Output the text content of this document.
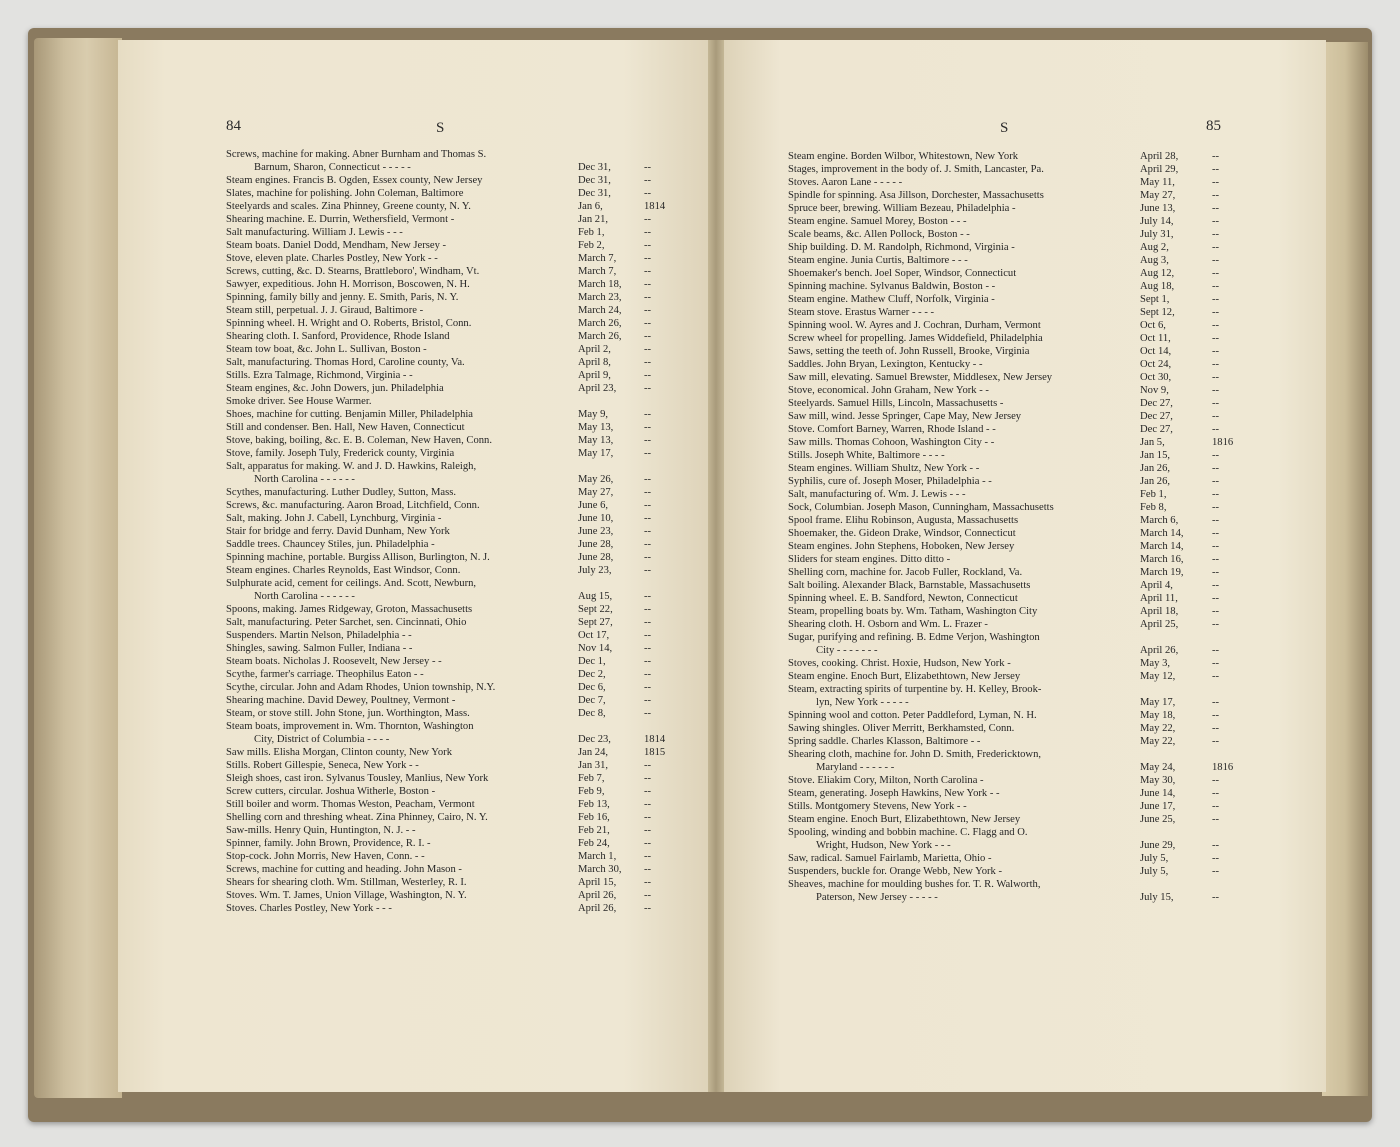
84	S
Screws, machine for making. Abner Burnham and Thomas S.
Barnum, Sharon, Connecticut - - - - -	Dec 31,	--
Steam engines. Francis B. Ogden, Essex county, New Jersey	Dec 31,	--
Slates, machine for polishing. John Coleman, Baltimore	Dec 31,	--
Steelyards and scales. Zina Phinney, Greene county, N. Y.	Jan 6,	1814
Shearing machine. E. Durrin, Wethersfield, Vermont -	Jan 21,	--
Salt manufacturing. William J. Lewis - - -	Feb 1,	--
Steam boats. Daniel Dodd, Mendham, New Jersey -	Feb 2,	--
Stove, eleven plate. Charles Postley, New York - -	March 7,	--
Screws, cutting, &c. D. Stearns, Brattleboro', Windham, Vt.	March 7,	--
Sawyer, expeditious. John H. Morrison, Boscowen, N. H.	March 18,	--
Spinning, family billy and jenny. E. Smith, Paris, N. Y.	March 23,	--
Steam still, perpetual. J. J. Giraud, Baltimore -	March 24,	--
Spinning wheel. H. Wright and O. Roberts, Bristol, Conn.	March 26,	--
Shearing cloth. I. Sanford, Providence, Rhode Island	March 26,	--
Steam tow boat, &c. John L. Sullivan, Boston -	April 2,	--
Salt, manufacturing. Thomas Hord, Caroline county, Va.	April 8,	--
Stills. Ezra Talmage, Richmond, Virginia - -	April 9,	--
Steam engines, &c. John Dowers, jun. Philadelphia	April 23,	--
Smoke driver. See House Warmer.
Shoes, machine for cutting. Benjamin Miller, Philadelphia	May 9,	--
Still and condenser. Ben. Hall, New Haven, Connecticut	May 13,	--
Stove, baking, boiling, &c. E. B. Coleman, New Haven, Conn.	May 13,	--
Stove, family. Joseph Tuly, Frederick county, Virginia	May 17,	--
Salt, apparatus for making. W. and J. D. Hawkins, Raleigh,
North Carolina - - - - - -	May 26,	--
Scythes, manufacturing. Luther Dudley, Sutton, Mass.	May 27,	--
Screws, &c. manufacturing. Aaron Broad, Litchfield, Conn.	June 6,	--
Salt, making. John J. Cabell, Lynchburg, Virginia -	June 10,	--
Stair for bridge and ferry. David Dunham, New York	June 23,	--
Saddle trees. Chauncey Stiles, jun. Philadelphia -	June 28,	--
Spinning machine, portable. Burgiss Allison, Burlington, N. J.	June 28,	--
Steam engines. Charles Reynolds, East Windsor, Conn.	July 23,	--
Sulphurate acid, cement for ceilings. And. Scott, Newburn,
North Carolina - - - - - -	Aug 15,	--
Spoons, making. James Ridgeway, Groton, Massachusetts	Sept 22,	--
Salt, manufacturing. Peter Sarchet, sen. Cincinnati, Ohio	Sept 27,	--
Suspenders. Martin Nelson, Philadelphia - -	Oct 17,	--
Shingles, sawing. Salmon Fuller, Indiana - -	Nov 14,	--
Steam boats. Nicholas J. Roosevelt, New Jersey - -	Dec 1,	--
Scythe, farmer's carriage. Theophilus Eaton - -	Dec 2,	--
Scythe, circular. John and Adam Rhodes, Union township, N.Y.	Dec 6,	--
Shearing machine. David Dewey, Poultney, Vermont -	Dec 7,	--
Steam, or stove still. John Stone, jun. Worthington, Mass.	Dec 8,	--
Steam boats, improvement in. Wm. Thornton, Washington
City, District of Columbia - - - -	Dec 23,	1814
Saw mills. Elisha Morgan, Clinton county, New York	Jan 24,	1815
Stills. Robert Gillespie, Seneca, New York - -	Jan 31,	--
Sleigh shoes, cast iron. Sylvanus Tousley, Manlius, New York	Feb 7,	--
Screw cutters, circular. Joshua Witherle, Boston -	Feb 9,	--
Still boiler and worm. Thomas Weston, Peacham, Vermont	Feb 13,	--
Shelling corn and threshing wheat. Zina Phinney, Cairo, N. Y.	Feb 16,	--
Saw-mills. Henry Quin, Huntington, N. J. - -	Feb 21,	--
Spinner, family. John Brown, Providence, R. I. -	Feb 24,	--
Stop-cock. John Morris, New Haven, Conn. - -	March 1,	--
Screws, machine for cutting and heading. John Mason -	March 30,	--
Shears for shearing cloth. Wm. Stillman, Westerley, R. I.	April 15,	--
Stoves. Wm. T. James, Union Village, Washington, N. Y.	April 26,	--
Stoves. Charles Postley, New York - - -	April 26,	--
S	85
Steam engine. Borden Wilbor, Whitestown, New York	April 28,	--
Stages, improvement in the body of. J. Smith, Lancaster, Pa.	April 29,	--
Stoves. Aaron Lane - - - - -	May 11,	--
Spindle for spinning. Asa Jillson, Dorchester, Massachusetts	May 27,	--
Spruce beer, brewing. William Bezeau, Philadelphia -	June 13,	--
Steam engine. Samuel Morey, Boston - - -	July 14,	--
Scale beams, &c. Allen Pollock, Boston - -	July 31,	--
Ship building. D. M. Randolph, Richmond, Virginia -	Aug 2,	--
Steam engine. Junia Curtis, Baltimore - - -	Aug 3,	--
Shoemaker's bench. Joel Soper, Windsor, Connecticut	Aug 12,	--
Spinning machine. Sylvanus Baldwin, Boston - -	Aug 18,	--
Steam engine. Mathew Cluff, Norfolk, Virginia -	Sept 1,	--
Steam stove. Erastus Warner - - - -	Sept 12,	--
Spinning wool. W. Ayres and J. Cochran, Durham, Vermont	Oct 6,	--
Screw wheel for propelling. James Widdefield, Philadelphia	Oct 11,	--
Saws, setting the teeth of. John Russell, Brooke, Virginia	Oct 14,	--
Saddles. John Bryan, Lexington, Kentucky - -	Oct 24,	--
Saw mill, elevating. Samuel Brewster, Middlesex, New Jersey	Oct 30,	--
Stove, economical. John Graham, New York - -	Nov 9,	--
Steelyards. Samuel Hills, Lincoln, Massachusetts -	Dec 27,	--
Saw mill, wind. Jesse Springer, Cape May, New Jersey	Dec 27,	--
Stove. Comfort Barney, Warren, Rhode Island - -	Dec 27,	--
Saw mills. Thomas Cohoon, Washington City - -	Jan 5,	1816
Stills. Joseph White, Baltimore - - - -	Jan 15,	--
Steam engines. William Shultz, New York - -	Jan 26,	--
Syphilis, cure of. Joseph Moser, Philadelphia - -	Jan 26,	--
Salt, manufacturing of. Wm. J. Lewis - - -	Feb 1,	--
Sock, Columbian. Joseph Mason, Cunningham, Massachusetts	Feb 8,	--
Spool frame. Elihu Robinson, Augusta, Massachusetts	March 6,	--
Shoemaker, the. Gideon Drake, Windsor, Connecticut	March 14,	--
Steam engines. John Stephens, Hoboken, New Jersey	March 14,	--
Sliders for steam engines. Ditto ditto -	March 16,	--
Shelling corn, machine for. Jacob Fuller, Rockland, Va.	March 19,	--
Salt boiling. Alexander Black, Barnstable, Massachusetts	April 4,	--
Spinning wheel. E. B. Sandford, Newton, Connecticut	April 11,	--
Steam, propelling boats by. Wm. Tatham, Washington City	April 18,	--
Shearing cloth. H. Osborn and Wm. L. Frazer -	April 25,	--
Sugar, purifying and refining. B. Edme Verjon, Washington
City - - - - - - -	April 26,	--
Stoves, cooking. Christ. Hoxie, Hudson, New York -	May 3,	--
Steam engine. Enoch Burt, Elizabethtown, New Jersey	May 12,	--
Steam, extracting spirits of turpentine by. H. Kelley, Brook-
lyn, New York - - - - -	May 17,	--
Spinning wool and cotton. Peter Paddleford, Lyman, N. H.	May 18,	--
Sawing shingles. Oliver Merritt, Berkhamsted, Conn.	May 22,	--
Spring saddle. Charles Klasson, Baltimore - -	May 22,	--
Shearing cloth, machine for. John D. Smith, Fredericktown,
Maryland - - - - - -	May 24,	1816
Stove. Eliakim Cory, Milton, North Carolina -	May 30,	--
Steam, generating. Joseph Hawkins, New York - -	June 14,	--
Stills. Montgomery Stevens, New York - -	June 17,	--
Steam engine. Enoch Burt, Elizabethtown, New Jersey	June 25,	--
Spooling, winding and bobbin machine. C. Flagg and O.
Wright, Hudson, New York - - -	June 29,	--
Saw, radical. Samuel Fairlamb, Marietta, Ohio -	July 5,	--
Suspenders, buckle for. Orange Webb, New York -	July 5,	--
Sheaves, machine for moulding bushes for. T. R. Walworth,
Paterson, New Jersey - - - - -	July 15,	--
